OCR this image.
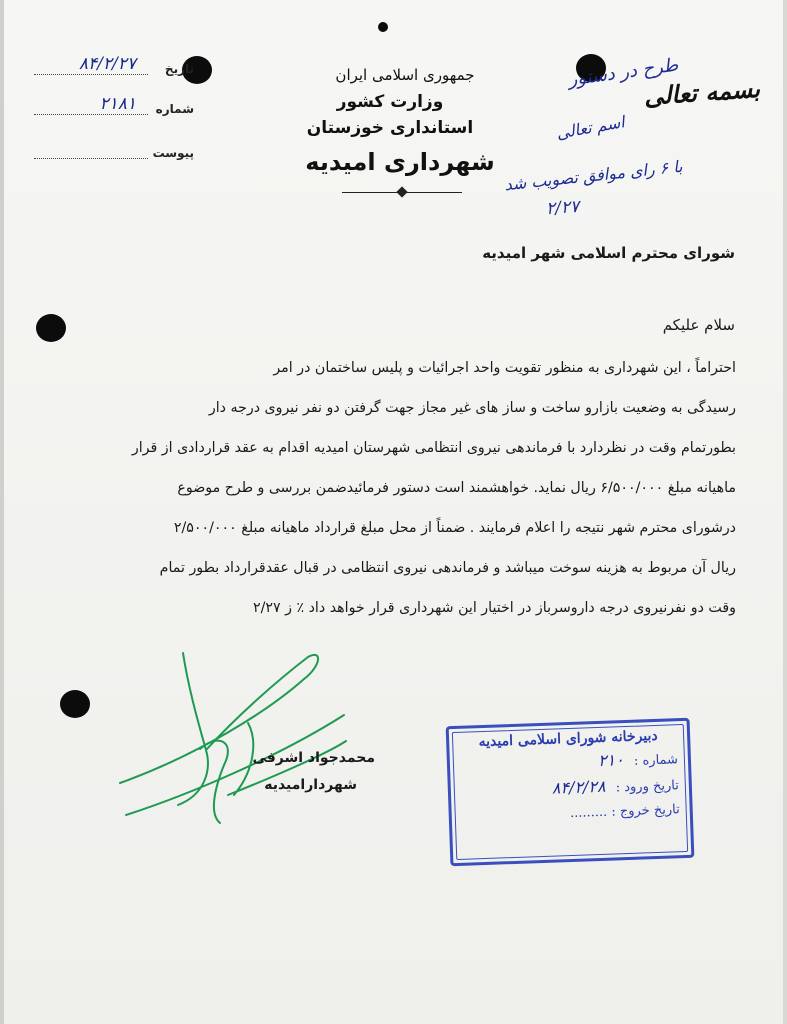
تاریخ
۸۴/۲/۲۷
شماره
۲۱۸۱
پیوست
جمهوری اسلامی ایران
وزارت کشور
استانداری خوزستان
شهرداری امیدیه
بسمه تعالی
طرح در دستور
اسم تعالی
با ۶ رای موافق تصویب شد
۲/۲۷
شورای محترم اسلامی شهر امیدیه
سلام علیکم
احتراماً ، این شهرداری به منظور تقویت واحد اجرائیات و پلیس ساختمان در امر
رسیدگی به وضعیت بازارو ساخت و ساز های غیر مجاز جهت گرفتن دو نفر نیروی درجه دار
بطورتمام وقت در نظردارد با فرماندهی نیروی انتظامی شهرستان امیدیه اقدام به عقد قراردادی از قرار
ماهیانه مبلغ ۶/۵۰۰/۰۰۰ ریال نماید. خواهشمند است دستور فرمائیدضمن بررسی و طرح موضوع
درشورای محترم شهر نتیجه را اعلام فرمایند . ضمناً از محل مبلغ قرارداد ماهیانه مبلغ ۲/۵۰۰/۰۰۰
ریال آن مربوط به هزینه سوخت میباشد و فرماندهی نیروی انتظامی در قبال عقدقرارداد بطور تمام
وقت دو نفرنیروی درجه داروسرباز در اختیار این شهرداری قرار خواهد داد ٪ ز ۲/۲۷
محمدجواد اشرفی
شهردارامیدیه
دبیرخانه شورای اسلامی امیدیه
شماره : ۲۱۰
تاریخ ورود : ۸۴/۲/۲۸
تاریخ خروج : .........
